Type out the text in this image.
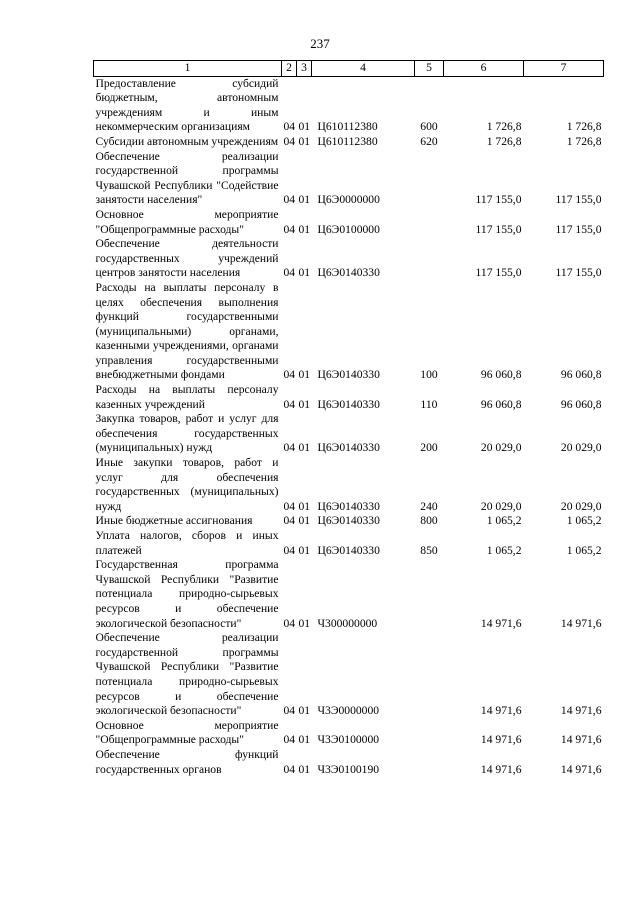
237
1	2	3	4	5	6	7
Предоставление субсидий бюджетным, автономным учреждениям и иным некоммерческим организациям	04	01	Ц610112380	600	1 726,8	1 726,8
Субсидии автономным учреждениям	04	01	Ц610112380	620	1 726,8	1 726,8
Обеспечение реализации государственной программы Чувашской Республики "Содействие занятости населения"	04	01	Ц6Э0000000		117 155,0	117 155,0
Основное мероприятие "Общепрограммные расходы"	04	01	Ц6Э0100000		117 155,0	117 155,0
Обеспечение деятельности государственных учреждений центров занятости населения	04	01	Ц6Э0140330		117 155,0	117 155,0
Расходы на выплаты персоналу в целях обеспечения выполнения функций государственными (муниципальными) органами, казенными учреждениями, органами управления государственными внебюджетными фондами	04	01	Ц6Э0140330	100	96 060,8	96 060,8
Расходы на выплаты персоналу казенных учреждений	04	01	Ц6Э0140330	110	96 060,8	96 060,8
Закупка товаров, работ и услуг для обеспечения государственных (муниципальных) нужд	04	01	Ц6Э0140330	200	20 029,0	20 029,0
Иные закупки товаров, работ и услуг для обеспечения государственных (муниципальных) нужд	04	01	Ц6Э0140330	240	20 029,0	20 029,0
Иные бюджетные ассигнования	04	01	Ц6Э0140330	800	1 065,2	1 065,2
Уплата налогов, сборов и иных платежей	04	01	Ц6Э0140330	850	1 065,2	1 065,2
Государственная программа Чувашской Республики "Развитие потенциала природно-сырьевых ресурсов и обеспечение экологической безопасности"	04	01	Ч300000000		14 971,6	14 971,6
Обеспечение реализации государственной программы Чувашской Республики "Развитие потенциала природно-сырьевых ресурсов и обеспечение экологической безопасности"	04	01	Ч3Э0000000		14 971,6	14 971,6
Основное мероприятие "Общепрограммные расходы"	04	01	Ч3Э0100000		14 971,6	14 971,6
Обеспечение функций государственных органов	04	01	Ч3Э0100190		14 971,6	14 971,6
